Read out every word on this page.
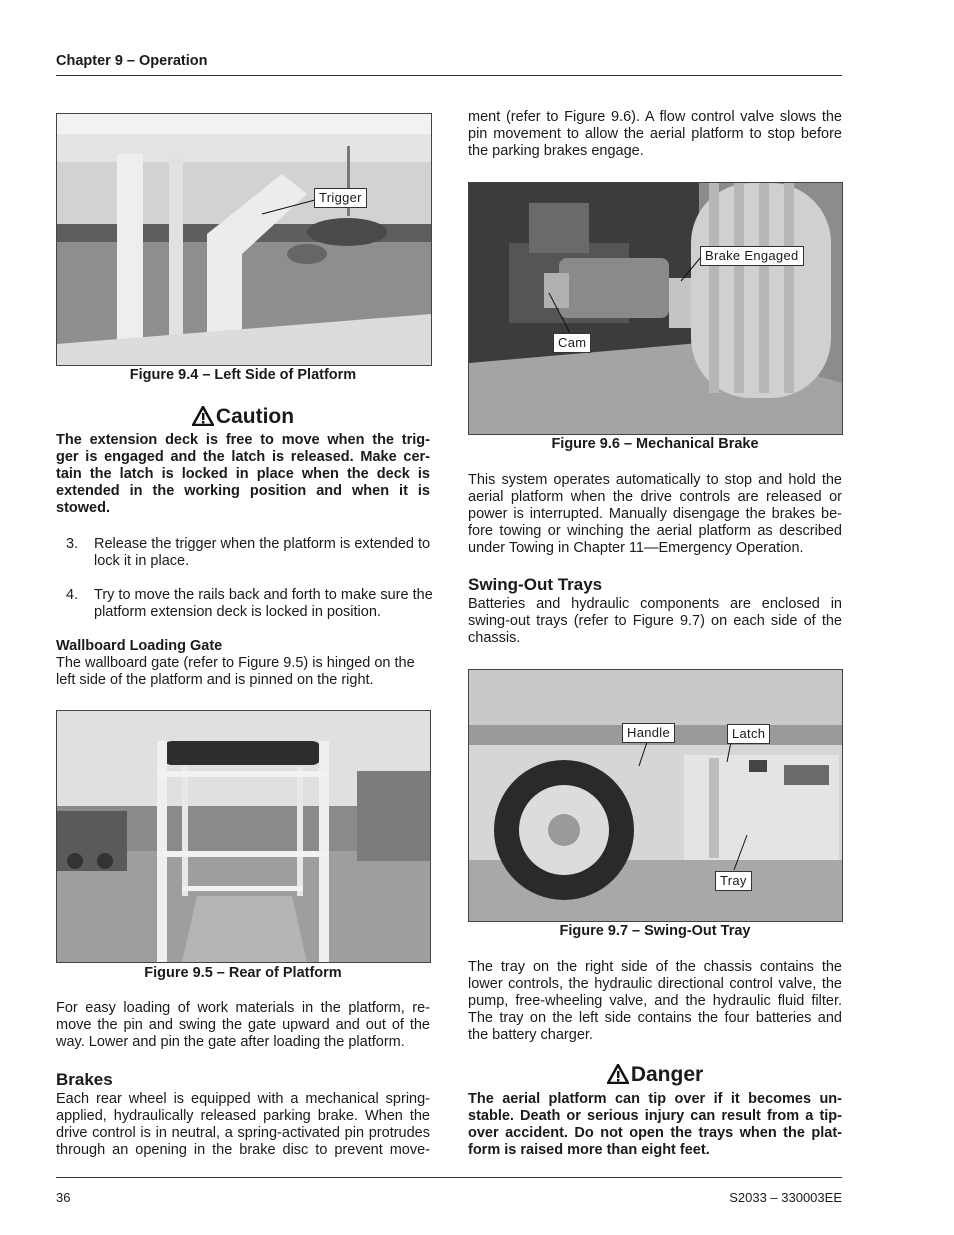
Chapter 9 – Operation
Trigger
Figure 9.4 – Left Side of Platform
Caution
The extension deck is free to move when the trig-
ger is engaged and the latch is released. Make cer-
tain the latch is locked in place when the deck is
extended in the working position and when it is
stowed.
3. Release the trigger when the platform is extended to
lock it in place.
4. Try to move the rails back and forth to make sure the
platform extension deck is locked in position.
Wallboard Loading Gate
The wallboard gate (refer to Figure 9.5) is hinged on the
left side of the platform and is pinned on the right.
Figure 9.5 – Rear of Platform
For easy loading of work materials in the platform, re-
move the pin and swing the gate upward and out of the
way. Lower and pin the gate after loading the platform.
Brakes
Each rear wheel is equipped with a mechanical spring-
applied, hydraulically released parking brake. When the
drive control is in neutral, a spring-activated pin protrudes
through an opening in the brake disc to prevent move-
ment (refer to Figure 9.6). A flow control valve slows the
pin movement to allow the aerial platform to stop before
the parking brakes engage.
Brake Engaged
Cam
Figure 9.6 – Mechanical Brake
This system operates automatically to stop and hold the
aerial platform when the drive controls are released or
power is interrupted. Manually disengage the brakes be-
fore towing or winching the aerial platform as described
under Towing in Chapter 11—Emergency Operation.
Swing-Out Trays
Batteries and hydraulic components are enclosed in
swing-out trays (refer to Figure 9.7) on each side of the
chassis.
Handle	Latch
Tray
Figure 9.7 – Swing-Out Tray
The tray on the right side of the chassis contains the
lower controls, the hydraulic directional control valve, the
pump, free-wheeling valve, and the hydraulic fluid filter.
The tray on the left side contains the four batteries and
the battery charger.
Danger
The aerial platform can tip over if it becomes un-
stable. Death or serious injury can result from a tip-
over accident. Do not open the trays when the plat-
form is raised more than eight feet.
36	S2033 – 330003EE
